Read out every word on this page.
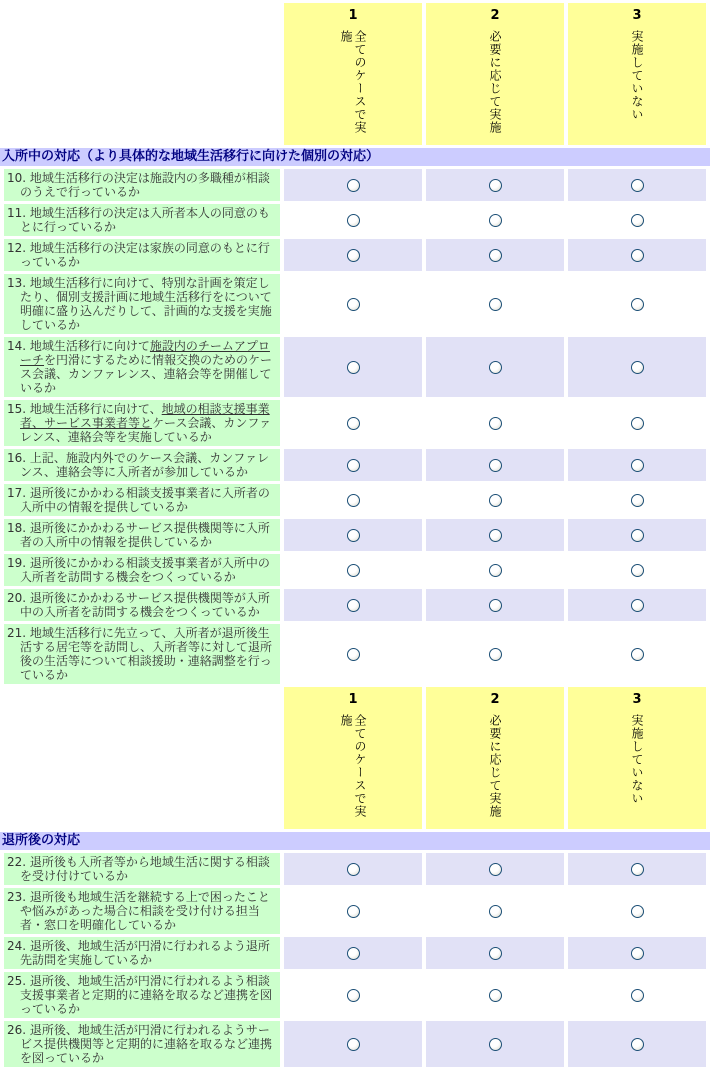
1
全てのケースで実施
2
必要に応じて実施
3
実施していない
入所中の対応（より具体的な地域生活移行に向けた個別の対応）
10. 地域生活移行の決定は施設内の多職種が相談のうえで行っているか
11. 地域生活移行の決定は入所者本人の同意のもとに行っているか
12. 地域生活移行の決定は家族の同意のもとに行っているか
13. 地域生活移行に向けて、特別な計画を策定したり、個別支援計画に地域生活移行をについて明確に盛り込んだりして、計画的な支援を実施しているか
14. 地域生活移行に向けて施設内のチームアプローチを円滑にするために情報交換のためのケース会議、カンファレンス、連絡会等を開催しているか
15. 地域生活移行に向けて、地域の相談支援事業者、サービス事業者等とケース会議、カンファレンス、連絡会等を実施しているか
16. 上記、施設内外でのケース会議、カンファレンス、連絡会等に入所者が参加しているか
17. 退所後にかかわる相談支援事業者に入所者の入所中の情報を提供しているか
18. 退所後にかかわるサービス提供機関等に入所者の入所中の情報を提供しているか
19. 退所後にかかわる相談支援事業者が入所中の入所者を訪問する機会をつくっているか
20. 退所後にかかわるサービス提供機関等が入所中の入所者を訪問する機会をつくっているか
21. 地域生活移行に先立って、入所者が退所後生活する居宅等を訪問し、入所者等に対して退所後の生活等について相談援助・連絡調整を行っているか
1
全てのケースで実施
2
必要に応じて実施
3
実施していない
退所後の対応
22. 退所後も入所者等から地域生活に関する相談を受け付けているか
23. 退所後も地域生活を継続する上で困ったことや悩みがあった場合に相談を受け付ける担当者・窓口を明確化しているか
24. 退所後、地域生活が円滑に行われるよう退所先訪問を実施しているか
25. 退所後、地域生活が円滑に行われるよう相談支援事業者と定期的に連絡を取るなど連携を図っているか
26. 退所後、地域生活が円滑に行われるようサービス提供機関等と定期的に連絡を取るなど連携を図っているか
